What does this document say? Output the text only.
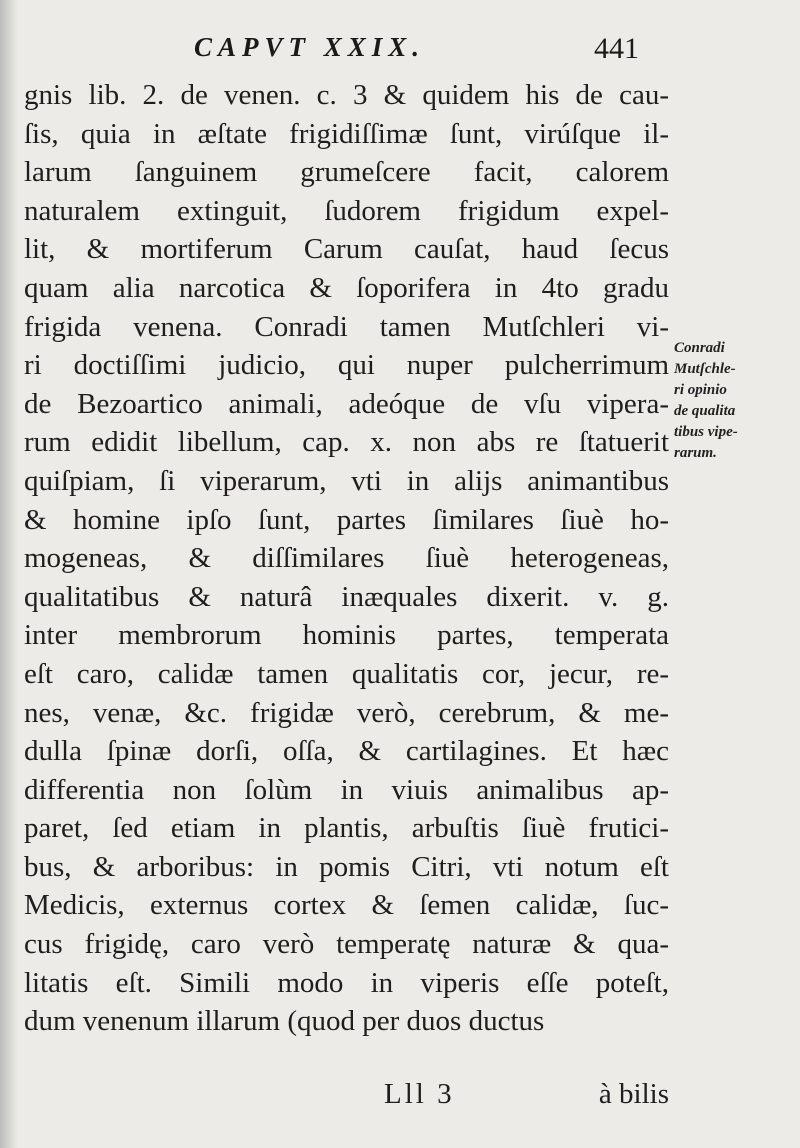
CAPVT XXIX.	441
gnis lib. 2. de venen. c. 3 & quidem his de cau-
ſis, quia in æſtate frigidiſſimæ ſunt, virúſque il-
larum ſanguinem grumeſcere facit, calorem
naturalem extinguit, ſudorem frigidum expel-
lit, & mortiferum Carum cauſat, haud ſecus
quam alia narcotica & ſoporifera in 4to gradu
frigida venena. Conradi tamen Mutſchleri vi-
ri doctiſſimi judicio, qui nuper pulcherrimum
de Bezoartico animali, adeóque de vſu vipera-
rum edidit libellum, cap. x. non abs re ſtatuerit
quiſpiam, ſi viperarum, vti in alijs animantibus
& homine ipſo ſunt, partes ſimilares ſiuè ho-
mogeneas, & diſſimilares ſiuè heterogeneas,
qualitatibus & naturâ inæquales dixerit. v. g.
inter membrorum hominis partes, temperata
eſt caro, calidæ tamen qualitatis cor, jecur, re-
nes, venæ, &c. frigidæ verò, cerebrum, & me-
dulla ſpinæ dorſi, oſſa, & cartilagines. Et hæc
differentia non ſolùm in viuis animalibus ap-
paret, ſed etiam in plantis, arbuſtis ſiuè frutici-
bus, & arboribus: in pomis Citri, vti notum eſt
Medicis, externus cortex & ſemen calidæ, ſuc-
cus frigidę, caro verò temperatę naturæ & qua-
litatis eſt. Simili modo in viperis eſſe poteſt,
dum venenum illarum (quod per duos ductus
Conradi
Mutſchle-
ri opinio
de qualita
tibus vipe-
rarum.
Lll 3	à bilis
